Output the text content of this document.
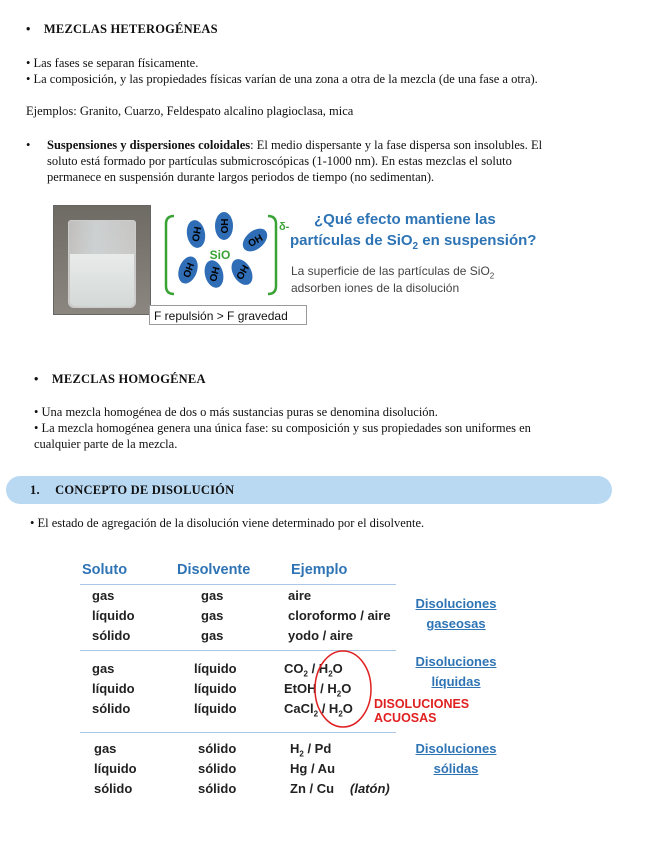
• MEZCLAS HETEROGÉNEAS
• Las fases se separan físicamente.
• La composición, y las propiedades físicas varían de una zona a otra de la mezcla (de una fase a otra).
Ejemplos: Granito, Cuarzo, Feldespato alcalino plagioclasa, mica
• Suspensiones y dispersiones coloidales: El medio dispersante y la fase dispersa son insolubles. El
soluto está formado por partículas submicroscópicas (1-1000 nm). En estas mezclas el soluto
permanece en suspensión durante largos periodos de tiempo (no sedimentan).
OH OH
OH
OH OH OH
SiO
δ- ¿Qué efecto mantiene las
partículas de SiO$_2$ en suspensión?
La superficie de las partículas de SiO$_2$
adsorben iones de la disolución
F repulsión > F gravedad
• MEZCLAS HOMOGÉNEA
• Una mezcla homogénea de dos o más sustancias puras se denomina disolución.
• La mezcla homogénea genera una única fase: su composición y sus propiedades son uniformes en
cualquier parte de la mezcla.
1. CONCEPTO DE DISOLUCIÓN
• El estado de agregación de la disolución viene determinado por el disolvente.
Soluto	Disolvente	Ejemplo
gas	gas	aire
líquido	gas	cloroformo / aire
sólido	gas	yodo / aire
Disoluciones
gaseosas
gas	líquido	$CO_2 / H_2O$
líquido	líquido	EtOH / $H_2O$
sólido	líquido	CaCl$_2$ / $H_2O$
Disoluciones
líquidas
DISOLUCIONES ACUOSAS
gas	sólido	$H_2$ / Pd
líquido	sólido	Hg / Au
sólido	sólido	Zn / Cu (latón)
Disoluciones
sólidas
